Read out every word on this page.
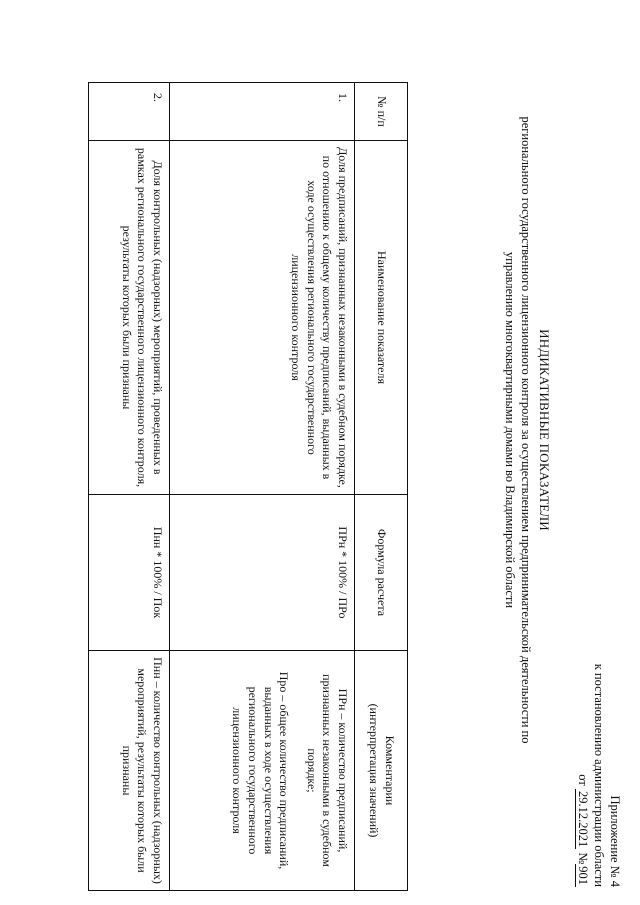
Приложение № 4
к постановлению администрации области
от 29.12.2021 №901
ИНДИКАТИВНЫЕ ПОКАЗАТЕЛИ
регионального государственного лицензионного контроля за осуществлением предпринимательской деятельности по
управлению многоквартирными домами во Владимирской области
№ п/п	Наименование показателя	Формула расчета	Комментарии
(интерпретация значений)

1.	Доля предписаний, признанных незаконными в судебном порядке, по отношению к общему количеству предписаний, выданных в ходе осуществления регионального государственного лицензионного контроля	ПРн * 100% / ПРо	ПРн – количество предписаний, признанных незаконными в судебном порядке;
Про – общее количество предписаний, выданных в ходе осуществления регионального государственного лицензионного контроля

2.	Доля контрольных (надзорных) мероприятий, проведенных в рамках регионального государственного лицензионного контроля, результаты которых были признаны	Пнн * 100% / Пок	Пнн – количество контрольных (надзорных) мероприятий, результаты которых были признаны
